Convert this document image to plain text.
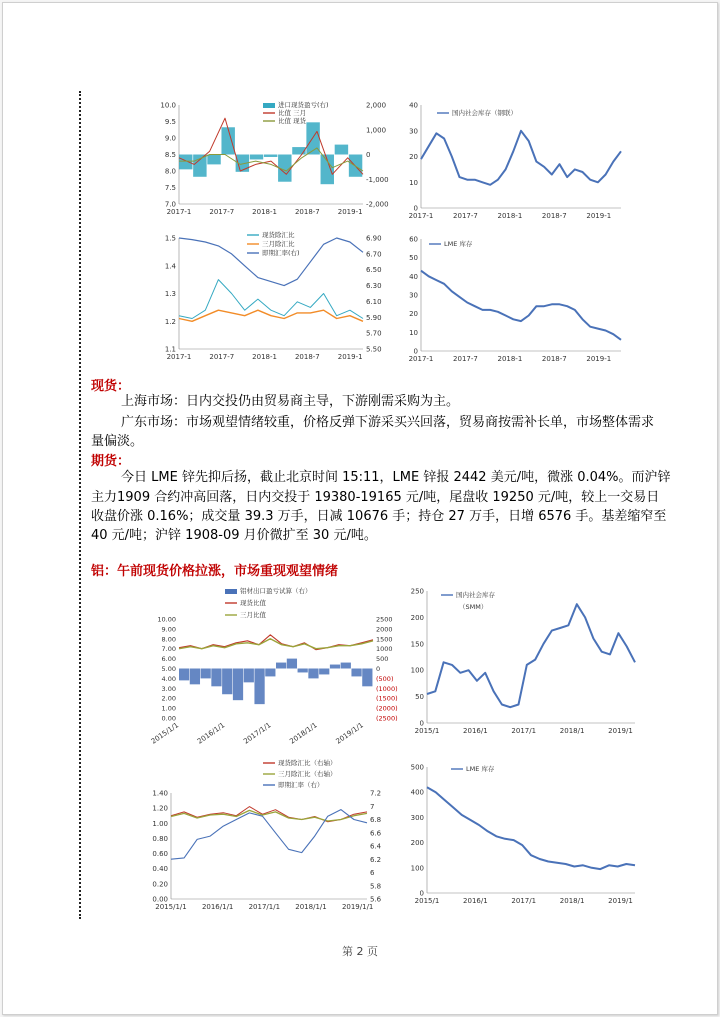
10.0
9.5
9.0
8.5
8.0
7.5
7.0
2,000
1,000
0
-1,000
-2,000
2017-1	2017-7	2018-1	2018-7	2019-1
进口现货盈亏(右)
比值 三月
比值 现货
40
30
20
10
0
2017-1	2017-7	2018-1	2018-7	2019-1
国内社会库存（钢联）
1.5
1.4
1.3
1.2
1.1
6.90
6.70
6.50
6.30
6.10
5.90
5.70
5.50
2017-1	2017-7	2018-1	2018-7	2019-1
现货除汇比
三月除汇比
即期汇率(右)
60
50
40
30
20
10
0
2017-1	2017-7	2018-1	2018-7	2019-1
LME 库存
现货：
上海市场：日内交投仍由贸易商主导，下游刚需采购为主。
广东市场：市场观望情绪较重，价格反弹下游采买兴回落，贸易商按需补长单，市场整体需求
量偏淡。
期货：
今日 LME 锌先抑后扬，截止北京时间 15:11，LME 锌报 2442 美元/吨，微涨 0.04%。而沪锌
主力1909 合约冲高回落，日内交投于 19380-19165 元/吨，尾盘收 19250 元/吨，较上一交易日
收盘价涨 0.16%；成交量 39.3 万手，日减 10676 手；持仓 27 万手，日增 6576 手。基差缩窄至
40 元/吨；沪锌 1908-09 月价微扩至 30 元/吨。
铝：午前现货价格拉涨，市场重现观望情绪
10.00
9.00
8.00
7.00
6.00
5.00
4.00
3.00
2.00
1.00
0.00
2500
2000
1500
1000
500
0
(500)
(1000)
(1500)
(2000)
(2500)
2015/1/1 2016/1/1 2017/1/1 2018/1/1 2019/1/1
铝材出口盈亏试算（右）
现货比值
三月比值
250
200
150
100
50
0
2015/1	2016/1	2017/1	2018/1	2019/1
国内社会库存
（SMM）
1.40
1.20
1.00
0.80
0.60
0.40
0.20
0.00
7.2
7
6.8
6.6
6.4
6.2
6
5.8
5.6
2015/1/1 2016/1/1 2017/1/1 2018/1/1 2019/1/1
现货除汇比（右轴）
三月除汇比（右轴）
即期汇率（右）
500
400
300
200
100
0
2015/1	2016/1	2017/1	2018/1	2019/1
LME 库存
第 2 页
